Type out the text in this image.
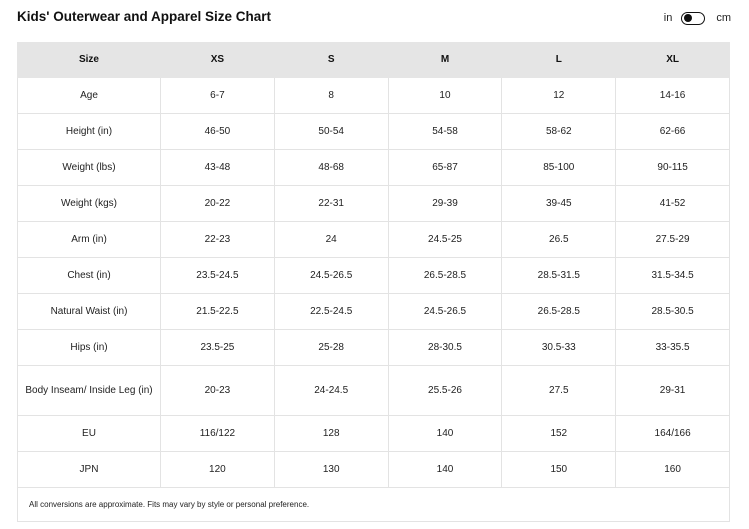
Kids' Outerwear and Apparel Size Chart	in	cm
Size	XS	S	M	L	XL
Age	6-7	8	10	12	14-16
Height (in)	46-50	50-54	54-58	58-62	62-66
Weight (lbs)	43-48	48-68	65-87	85-100	90-115
Weight (kgs)	20-22	22-31	29-39	39-45	41-52
Arm (in)	22-23	24	24.5-25	26.5	27.5-29
Chest (in)	23.5-24.5	24.5-26.5	26.5-28.5	28.5-31.5	31.5-34.5
Natural Waist (in)	21.5-22.5	22.5-24.5	24.5-26.5	26.5-28.5	28.5-30.5
Hips (in)	23.5-25	25-28	28-30.5	30.5-33	33-35.5
Body Inseam/ Inside Leg (in)	20-23	24-24.5	25.5-26	27.5	29-31
EU	116/122	128	140	152	164/166
JPN	120	130	140	150	160
All conversions are approximate. Fits may vary by style or personal preference.					
